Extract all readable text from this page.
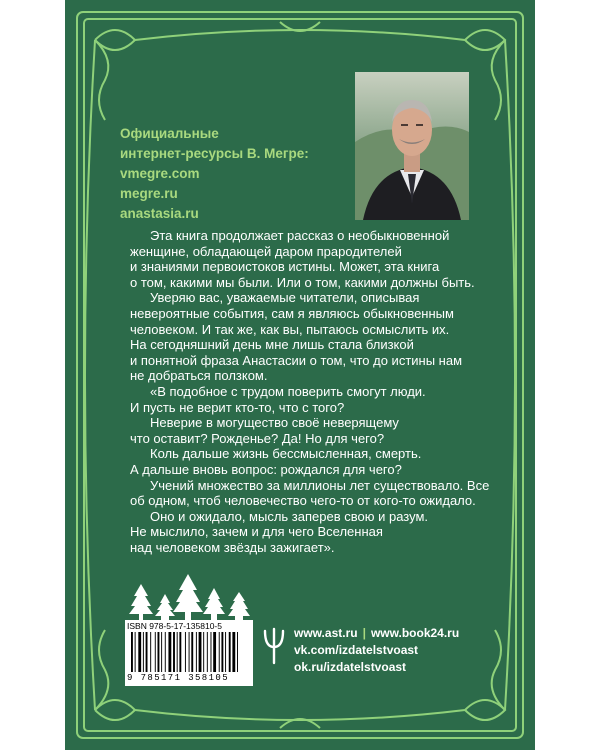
Официальные
интернет-ресурсы В. Мегре:
vmegre.com
megre.ru
anastasia.ru

Эта книга продолжает рассказ о необыкновенной

женщине, обладающей даром прародителей

и знаниями первоистоков истины. Может, эта книга

о том, какими мы были. Или о том, какими должны быть.

Уверяю вас, уважаемые читатели, описывая

невероятные события, сам я являюсь обыкновенным

человеком. И так же, как вы, пытаюсь осмыслить их.

На сегодняшний день мне лишь стала близкой

и понятной фраза Анастасии о том, что до истины нам

не добраться ползком.

«В подобное с трудом поверить смогут люди.

И пусть не верит кто-то, что с того?

Неверие в могущество своё неверящему

что оставит? Рожденье? Да! Но для чего?

Коль дальше жизнь бессмысленная, смерть.

А дальше вновь вопрос: рождался для чего?

Учений множество за миллионы лет существовало. Все

об одном, чтоб человечество чего-то от кого-то ожидало.

Оно и ожидало, мысль заперев свою и разум.

Не мыслило, зачем и для чего Вселенная

над человеком звёзды зажигает».

ISBN 978-5-17-135810-5
9 785171 358105
www.ast.ru | www.book24.ru
vk.com/izdatelstvoast
ok.ru/izdatelstvoast
